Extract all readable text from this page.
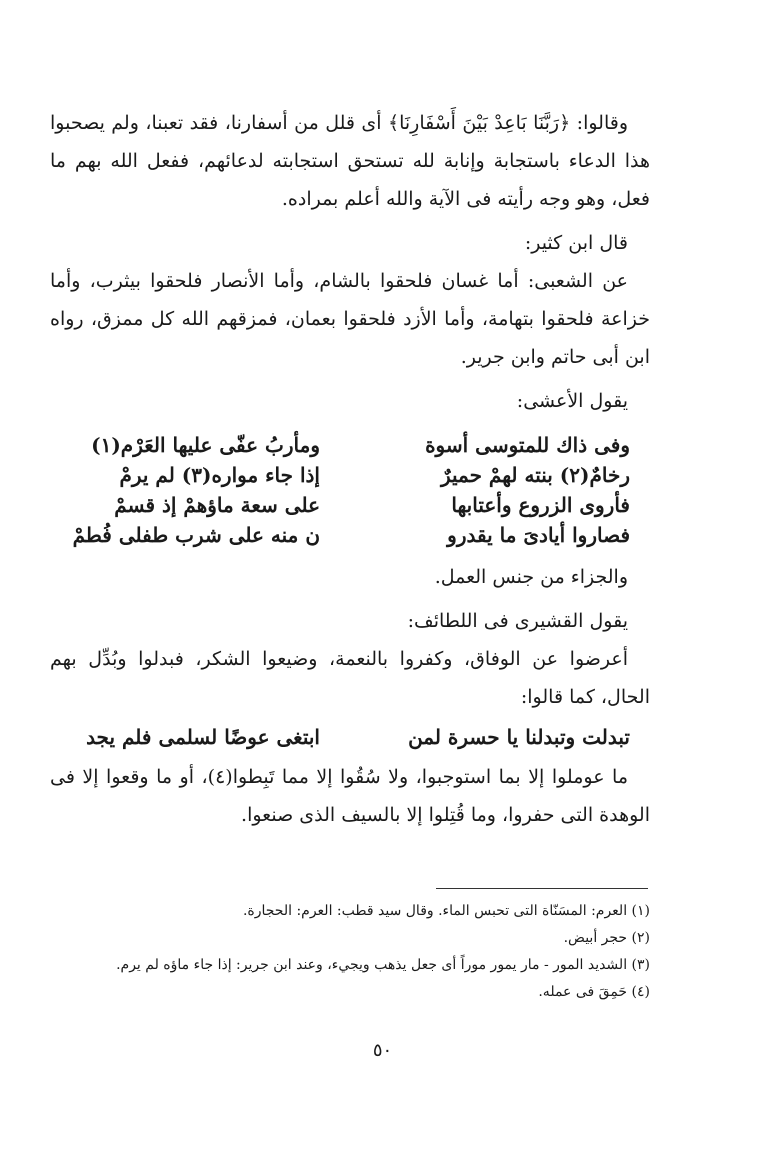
وقالوا: ﴿رَبَّنَا بَاعِدْ بَيْنَ أَسْفَارِنَا﴾ أى قلل من أسفارنا، فقد تعبنا، ولم يصحبوا هذا الدعاء باستجابة وإنابة لله تستحق استجابته لدعائهم، ففعل الله بهم ما فعل، وهو وجه رأيته فى الآية والله أعلم بمراده.

قال ابن كثير:

عن الشعبى: أما غسان فلحقوا بالشام، وأما الأنصار فلحقوا بيثرب، وأما خزاعة فلحقوا بتهامة، وأما الأزد فلحقوا بعمان، فمزقهم الله كل ممزق، رواه ابن أبى حاتم وابن جرير.

يقول الأعشى:

وفى ذاك للمتوسى أسوة
ومأربُ عفّى عليها العَرْم(١)
رخامٌ(٢) بنته لهمْ حميرٌ
إذا جاء مواره(٣) لم يرمْ
فأروى الزروع وأعتابها
على سعة ماؤهمْ إذ قسمْ
فصاروا أيادىَ ما يقدرو
ن منه على شرب طفلى فُطمْ

والجزاء من جنس العمل.

يقول القشيرى فى اللطائف:

أعرضوا عن الوفاق، وكفروا بالنعمة، وضيعوا الشكر، فبدلوا وبُدِّل بهم الحال، كما قالوا:

تبدلت وتبدلنا يا حسرة لمن
ابتغى عوضًا لسلمى فلم يجد

ما عوملوا إلا بما استوجبوا، ولا سُقُوا إلا مما تَبِطوا(٤)، أو ما وقعوا إلا فى الوهدة التى حفروا، وما قُتِلوا إلا بالسيف الذى صنعوا.

(١) العرم: المسَنّاة التى تحبس الماء. وقال سيد قطب: العرم: الحجارة.
(٢) حجر أبيض.
(٣) الشديد المور - مار يمور موراً أى جعل يذهب ويجيء، وعند ابن جرير: إذا جاء ماؤه لم يرم.
(٤) حَمِقَ فى عمله.
٥٠
